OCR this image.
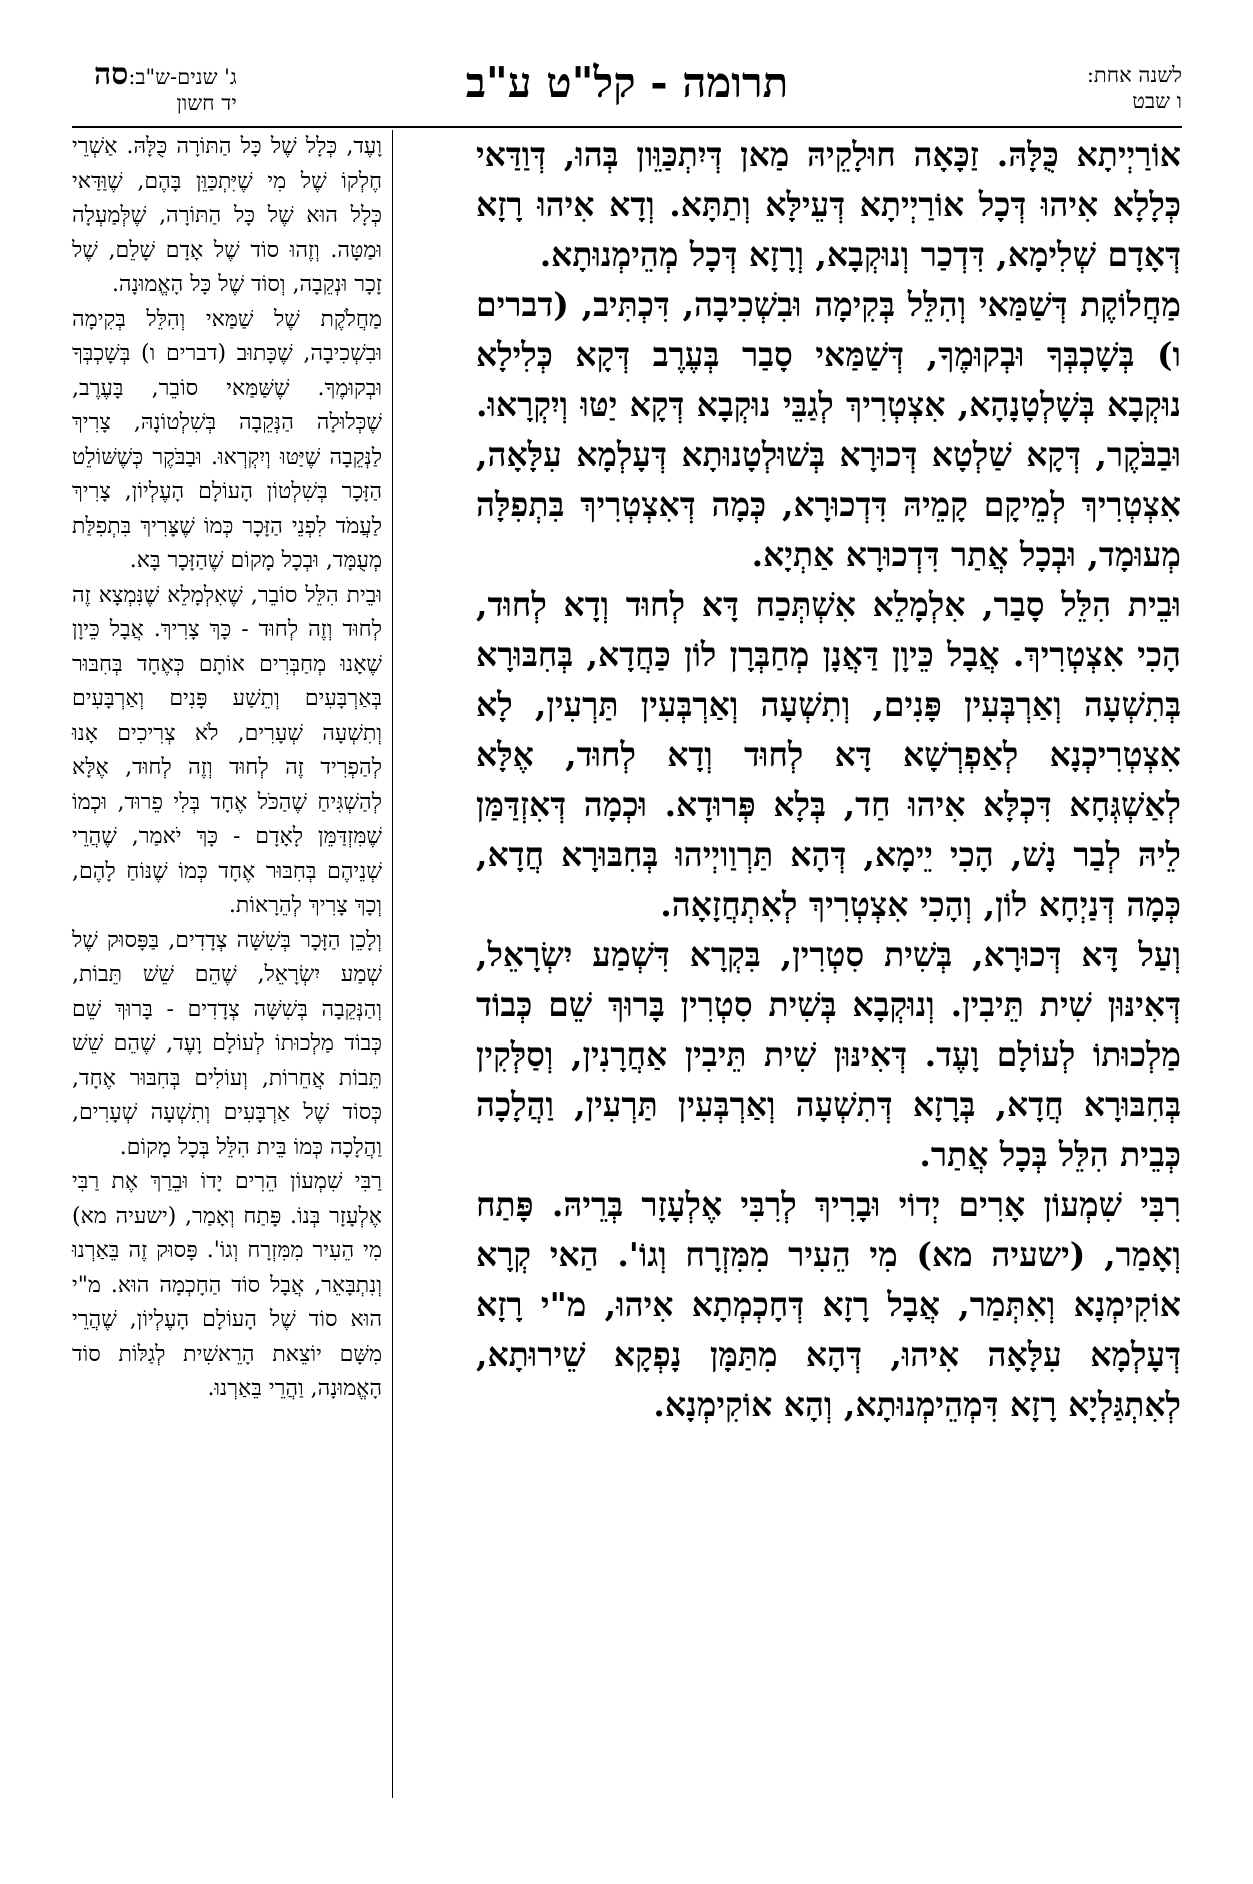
לשנה אחת:
ו שבט
תרומה - קל"ט ע"ב
ג' שנים-ש"ב:סה
יד חשון

אוֹרַיְיתָא כֻּלָּהּ. זַכָּאָה חוּלָקֵיהּ מַאן דְּיִתְכַּוֵּון בְּהוּ, דְּוַדַּאי כְּלָלָא אִיהוּ דְּכָל אוֹרַיְיתָא דְּעֵילָּא וְתַתָּא. וְדָא אִיהוּ רָזָא דְּאָדָם שְׁלִימָא, דִּדְכַר וְנוּקְבָא, וְרָזָא דְּכָל מְהֵימְנוּתָא.

מַחֲלוֹקֶת דְּשַׁמַּאי וְהִלֵּל בְּקִימָה וּבִשְׁכִיבָה, דִּכְתִּיב, (דברים ו) בְּשָׁכְבְּךָ וּבְקוּמֶךָ, דְּשַׁמַּאי סָבַר בְּעֶרֶב דְּקָא כְּלִילָא נוּקְבָא בְּשָׁלְטָנָהָא, אִצְטְרִיךְ לְגַבֵּי נוּקְבָא דְּקָא יַטּוּ וְיִקְרָאוּ. וּבַבֹּקֶר, דְּקָא שַׁלְטָא דְּכוּרָא בְּשׁוּלְטָנוּתָא דְּעָלְמָא עִלָּאָה, אִצְטְרִיךְ לְמֵיקָם קָמֵיהּ דִּדְכוּרָא, כְּמָה דְּאִצְטְרִיךְ בִּתְפִלָּה מְעוּמָד, וּבְכָל אֲתַר דִּדְכוּרָא אַתְיָא.

וּבֵית הִלֵּל סָבַר, אִלְמָלֵא אִשְׁתְּכַח דָּא לְחוּד וְדָא לְחוּד, הָכִי אִצְטְרִיךְ. אֲבָל כֵּיוָן דַּאֲנָן מְחַבְּרָן לוֹן כַּחֲדָא, בְּחִבּוּרָא בְּתִשְׁעָה וְאַרְבְּעִין פָּנִים, וְתִשְׁעָה וְאַרְבְּעִין תַּרְעִין, לָא אִצְטְרִיכְנָא לְאַפְרְשָׁא דָּא לְחוּד וְדָא לְחוּד, אֶלָּא לְאַשְׁגְּחָא דִּכְלָּא אִיהוּ חַד, בְּלָא פְּרוּדָא. וּכְמָה דְּאִזְדַּמַּן לֵיהּ לְבַר נָשׁ, הָכִי יֵימָא, דְּהָא תַּרְוַויְיהוּ בְּחִבּוּרָא חֲדָא, כְּמָה דְּנַיְחָא לוֹן, וְהָכִי אִצְטְרִיךְ לְאִתְחֲזָאָה.

וְעַל דָּא דְּכוּרָא, בְּשִׁית סִטְרִין, בִּקְרָא דִּשְׁמַע יִשְׂרָאֵל, דְּאִינּוּן שִׁית תֵּיבִין. וְנוּקְבָא בְּשִׁית סִטְרִין בָּרוּךְ שֵׁם כְּבוֹד מַלְכוּתוֹ לְעוֹלָם וָעֶד. דְּאִינּוּן שִׁית תֵּיבִין אַחֲרָנִין, וְסַלְּקִין בְּחִבּוּרָא חֲדָא, בְּרָזָא דְּתִשְׁעָה וְאַרְבְּעִין תַּרְעִין, וַהֲלָכָה כְּבֵית הִלֵּל בְּכָל אֲתַר.

רִבִּי שִׁמְעוֹן אָרִים יְדוֹי וּבָרִיךְ לְרִבִּי אֶלְעָזָר בְּרֵיהּ. פָּתַח וְאָמַר, (ישעיה מא) מִי הֵעִיר מִמִּזְרָח וְגוֹ'. הַאי קְרָא אוֹקִימְנָא וְאִתְּמַר, אֲבָל רָזָא דְּחָכְמְתָא אִיהוּ, מ"י רָזָא דְּעָלְמָא עִלָּאָה אִיהוּ, דְּהָא מִתַּמָּן נָפְקָא שֵׁירוּתָא, לְאִתְגַּלְיָא רָזָא דִּמְהֵימְנוּתָא, וְהָא אוֹקִימְנָא.

וָעֶד, כְּלָל שֶׁל כָּל הַתּוֹרָה כֻּלָּהּ. אַשְׁרֵי חֶלְקוֹ שֶׁל מִי שֶׁיִּתְכַּוֵּן בָּהֶם, שֶׁוַּדַּאי כְּלָל הוּא שֶׁל כָּל הַתּוֹרָה, שֶׁלְּמַעְלָה וּמַטָּה. וְזֶהוּ סוֹד שֶׁל אָדָם שָׁלֵם, שֶׁל זָכָר וּנְקֵבָה, וְסוֹד שֶׁל כָּל הָאֱמוּנָה.

מַחֲלֹקֶת שֶׁל שַׁמַּאי וְהִלֵּל בְּקִימָה וּבִשְׁכִיבָה, שֶׁכָּתוּב (דברים ו) בְּשָׁכְבְּךָ וּבְקוּמֶךָ. שֶׁשַּׁמַּאי סוֹבֵר, בָּעֶרֶב, שֶׁכְּלוּלָה הַנְּקֵבָה בְּשִׁלְטוֹנָהּ, צָרִיךְ לַנְּקֵבָה שֶׁיַּטּוּ וְיִקְרְאוּ. וּבַבֹּקֶר כְּשֶׁשּׁוֹלֵט הַזָּכָר בְּשִׁלְטוֹן הָעוֹלָם הָעֶלְיוֹן, צָרִיךְ לַעֲמֹד לִפְנֵי הַזָּכָר כְּמוֹ שֶׁצָּרִיךְ בִּתְפִלַּת מְעֻמָּד, וּבְכָל מָקוֹם שֶׁהַזָּכָר בָּא.

וּבֵית הִלֵּל סוֹבֵר, שֶׁאִלְמָלֵא שֶׁנִּמְצָא זֶה לְחוּד וְזֶה לְחוּד - כָּךְ צָרִיךְ. אֲבָל כֵּיוָן שֶׁאָנוּ מְחַבְּרִים אוֹתָם כְּאֶחָד בְּחִבּוּר בְּאַרְבָּעִים וְתֵשַׁע פָּנִים וְאַרְבָּעִים וְתִשְׁעָה שְׁעָרִים, לֹא צְרִיכִים אָנוּ לְהַפְרִיד זֶה לְחוּד וְזֶה לְחוּד, אֶלָּא לְהַשְׁגִּיחַ שֶׁהַכֹּל אֶחָד בְּלִי פֵרוּד, וּכְמוֹ שֶׁמִּזְדַּמֵּן לָאָדָם - כָּךְ יֹאמַר, שֶׁהֲרֵי שְׁנֵיהֶם בְּחִבּוּר אֶחָד כְּמוֹ שֶׁנּוֹחַ לָהֶם, וְכָךְ צָרִיךְ לְהֵרָאוֹת.

וְלָכֵן הַזָּכָר בְּשִׁשָּׁה צְדָדִים, בַּפָּסוּק שֶׁל שְׁמַע יִשְׂרָאֵל, שֶׁהֵם שֵׁשׁ תֵּבוֹת, וְהַנְּקֵבָה בְּשִׁשָּׁה צְדָדִים - בָּרוּךְ שֵׁם כְּבוֹד מַלְכוּתוֹ לְעוֹלָם וָעֶד, שֶׁהֵם שֵׁשׁ תֵּבוֹת אֲחֵרוֹת, וְעוֹלִים בְּחִבּוּר אֶחָד, כְּסוֹד שֶׁל אַרְבָּעִים וְתִשְׁעָה שְׁעָרִים, וַהֲלָכָה כְּמוֹ בֵּית הִלֵּל בְּכָל מָקוֹם.

רַבִּי שִׁמְעוֹן הֵרִים יָדוֹ וּבֵרַךְ אֶת רַבִּי אֶלְעָזָר בְּנוֹ. פָּתַח וְאָמַר, (ישעיה מא) מִי הֵעִיר מִמִּזְרָח וְגוֹ'. פָּסוּק זֶה בֵּאַרְנוּ וְנִתְבָּאֵר, אֲבָל סוֹד הַחָכְמָה הוּא. מ"י הוּא סוֹד שֶׁל הָעוֹלָם הָעֶלְיוֹן, שֶׁהֲרֵי מִשָּׁם יוֹצֵאת הָרֵאשִׁית לְגַלּוֹת סוֹד הָאֱמוּנָה, וַהֲרֵי בֵּאַרְנוּ.
